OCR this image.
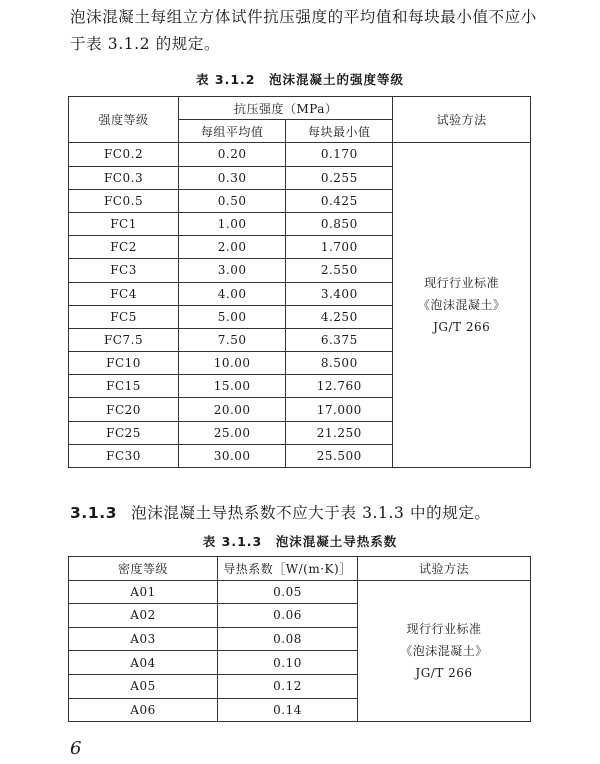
泡沫混凝土每组立方体试件抗压强度的平均值和每块最小值不应小于表 3.1.2 的规定。
表 3.1.2　泡沫混凝土的强度等级
强度等级	抗压强度（MPa）		试验方法
	每组平均值	每块最小值	
FC0.2	0.20	0.170	现行行业标准
《泡沫混凝土》
JG/T 266

FC0.3	0.30	0.255	
FC0.5	0.50	0.425	
FC1	1.00	0.850	
FC2	2.00	1.700	
FC3	3.00	2.550	
FC4	4.00	3.400	
FC5	5.00	4.250	
FC7.5	7.50	6.375	
FC10	10.00	8.500	
FC15	15.00	12.760	
FC20	20.00	17.000	
FC25	25.00	21.250	
FC30	30.00	25.500	
3.1.3 泡沫混凝土导热系数不应大于表 3.1.3 中的规定。
表 3.1.3　泡沫混凝土导热系数
密度等级	导热系数［W/(m·K)］	试验方法
A01	0.05	现行行业标准
《泡沫混凝土》
JG/T 266

A02	0.06	
A03	0.08	
A04	0.10	
A05	0.12	
A06	0.14	
6
